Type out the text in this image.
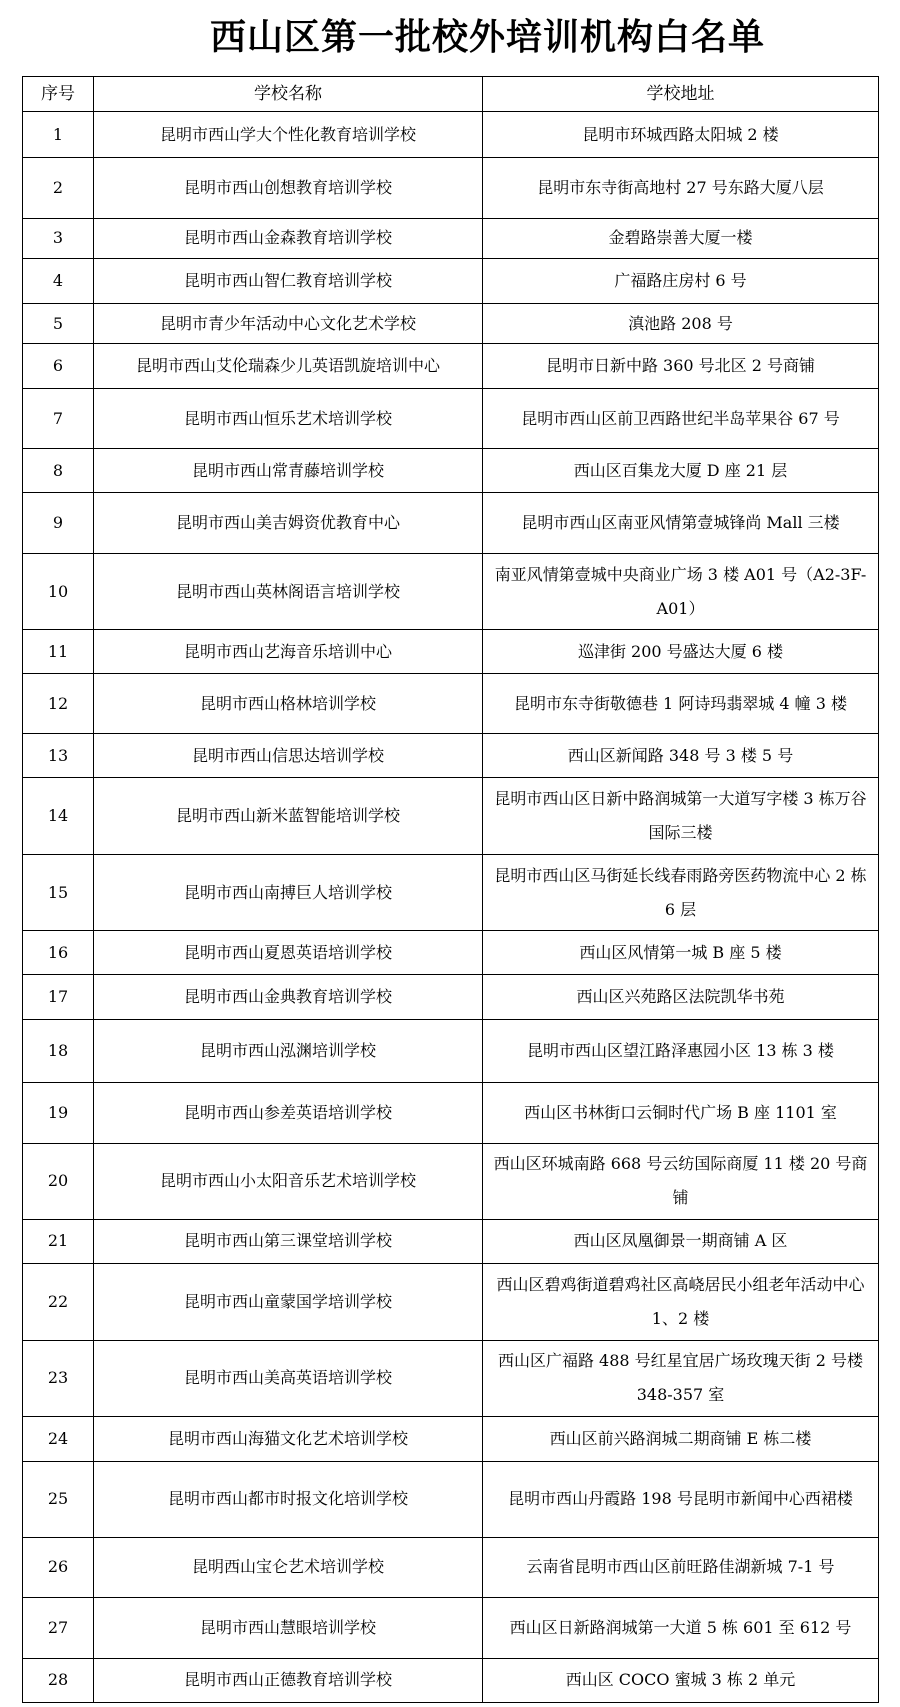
西山区第一批校外培训机构白名单
序号	学校名称	学校地址
1	昆明市西山学大个性化教育培训学校	昆明市环城西路太阳城 2 楼
2	昆明市西山创想教育培训学校	昆明市东寺街高地村 27 号东路大厦八层
3	昆明市西山金森教育培训学校	金碧路崇善大厦一楼
4	昆明市西山智仁教育培训学校	广福路庄房村 6 号
5	昆明市青少年活动中心文化艺术学校	滇池路 208 号
6	昆明市西山艾伦瑞森少儿英语凯旋培训中心	昆明市日新中路 360 号北区 2 号商铺
7	昆明市西山恒乐艺术培训学校	昆明市西山区前卫西路世纪半岛苹果谷 67 号
8	昆明市西山常青藤培训学校	西山区百集龙大厦 D 座 21 层
9	昆明市西山美吉姆资优教育中心	昆明市西山区南亚风情第壹城锋尚 Mall 三楼
10	昆明市西山英林阁语言培训学校	南亚风情第壹城中央商业广场 3 楼 A01 号（A2-3F-A01）
11	昆明市西山艺海音乐培训中心	巡津街 200 号盛达大厦 6 楼
12	昆明市西山格林培训学校	昆明市东寺街敬德巷 1 阿诗玛翡翠城 4 幢 3 楼
13	昆明市西山信思达培训学校	西山区新闻路 348 号 3 楼 5 号
14	昆明市西山新米蓝智能培训学校	昆明市西山区日新中路润城第一大道写字楼 3 栋万谷国际三楼
15	昆明市西山南搏巨人培训学校	昆明市西山区马街延长线春雨路旁医药物流中心 2 栋 6 层
16	昆明市西山夏恩英语培训学校	西山区风情第一城 B 座 5 楼
17	昆明市西山金典教育培训学校	西山区兴苑路区法院凯华书苑
18	昆明市西山泓渊培训学校	昆明市西山区望江路泽惠园小区 13 栋 3 楼
19	昆明市西山参差英语培训学校	西山区书林街口云铜时代广场 B 座 1101 室
20	昆明市西山小太阳音乐艺术培训学校	西山区环城南路 668 号云纺国际商厦 11 楼 20 号商铺
21	昆明市西山第三课堂培训学校	西山区凤凰御景一期商铺 A 区
22	昆明市西山童蒙国学培训学校	西山区碧鸡街道碧鸡社区高峣居民小组老年活动中心 1、2 楼
23	昆明市西山美高英语培训学校	西山区广福路 488 号红星宜居广场玫瑰天街 2 号楼 348-357 室
24	昆明市西山海猫文化艺术培训学校	西山区前兴路润城二期商铺 E 栋二楼
25	昆明市西山都市时报文化培训学校	昆明市西山丹霞路 198 号昆明市新闻中心西裙楼
26	昆明西山宝仑艺术培训学校	云南省昆明市西山区前旺路佳湖新城 7-1 号
27	昆明市西山慧眼培训学校	西山区日新路润城第一大道 5 栋 601 至 612 号
28	昆明市西山正德教育培训学校	西山区 COCO 蜜城 3 栋 2 单元
